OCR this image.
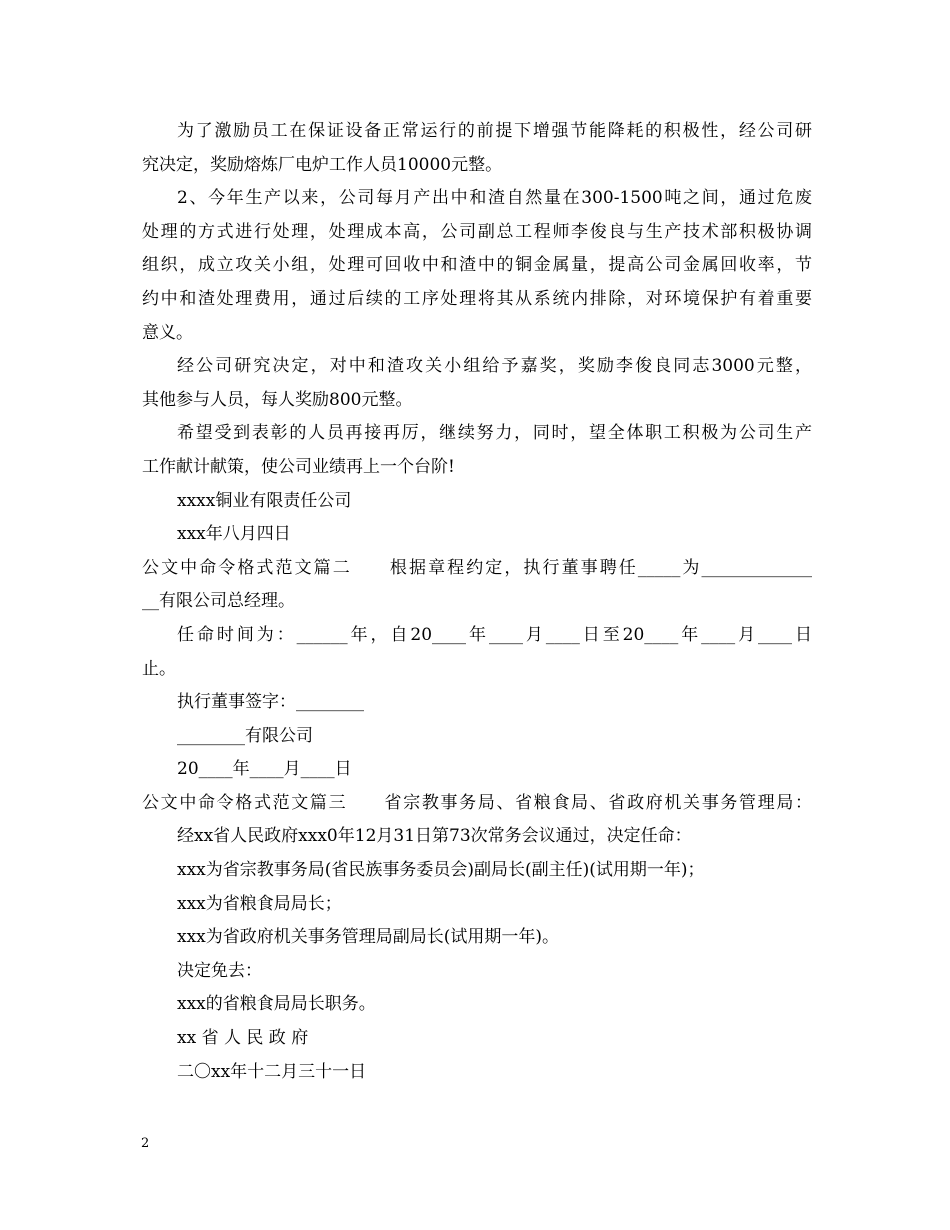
为了激励员工在保证设备正常运行的前提下增强节能降耗的积极性，经公司研
究决定，奖励熔炼厂电炉工作人员10000元整。
2、今年生产以来，公司每月产出中和渣自然量在300-1500吨之间，通过危废
处理的方式进行处理，处理成本高，公司副总工程师李俊良与生产技术部积极协调
组织，成立攻关小组，处理可回收中和渣中的铜金属量，提高公司金属回收率，节
约中和渣处理费用，通过后续的工序处理将其从系统内排除，对环境保护有着重要
意义。
经公司研究决定，对中和渣攻关小组给予嘉奖，奖励李俊良同志3000元整，
其他参与人员，每人奖励800元整。
希望受到表彰的人员再接再厉，继续努力，同时，望全体职工积极为公司生产
工作献计献策，使公司业绩再上一个台阶!
xxxx铜业有限责任公司
xxx年八月四日
公文中命令格式范文篇二　　根据章程约定，执行董事聘任_____为_____________
__有限公司总经理。
任命时间为：______年，自20____年____月____日至20____年____月____日
止。
执行董事签字：________
________有限公司
20____年____月____日
公文中命令格式范文篇三　　省宗教事务局、省粮食局、省政府机关事务管理局：
经xx省人民政府xxx0年12月31日第73次常务会议通过，决定任命：
xxx为省宗教事务局(省民族事务委员会)副局长(副主任)(试用期一年)；
xxx为省粮食局局长；
xxx为省政府机关事务管理局副局长(试用期一年)。
决定免去：
xxx的省粮食局局长职务。
xx 省 人 民 政 府
二〇xx年十二月三十一日
2
